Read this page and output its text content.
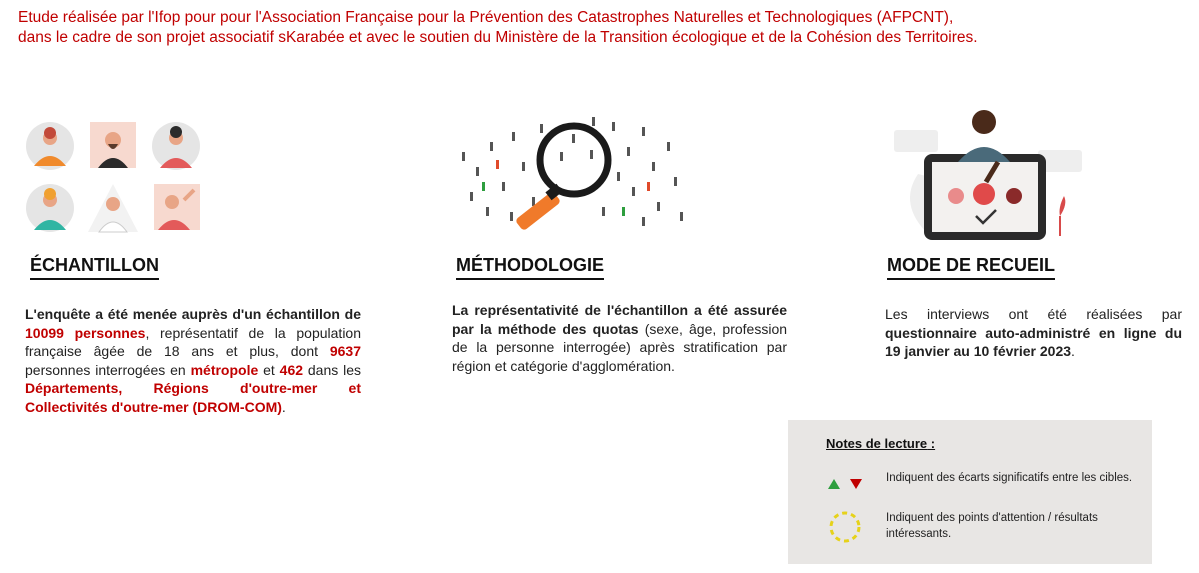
Etude réalisée par l'Ifop pour pour l'Association Française pour la Prévention des Catastrophes Naturelles et Technologiques (AFPCNT),
dans le cadre de son projet associatif sKarabée et avec le soutien du Ministère de la Transition écologique et de la Cohésion des Territoires.
ÉCHANTILLON
L'enquête a été menée auprès d'un échantillon de 10099 personnes, représentatif de la population française âgée de 18 ans et plus, dont 9637 personnes interrogées en métropole et 462 dans les Départements, Régions d'outre-mer et Collectivités d'outre-mer (DROM-COM).
MÉTHODOLOGIE
La représentativité de l'échantillon a été assurée par la méthode des quotas (sexe, âge, profession de la personne interrogée) après stratification par région et catégorie d'agglomération.
MODE DE RECUEIL
Les interviews ont été réalisées par questionnaire auto-administré en ligne du 19 janvier au 10 février 2023.
Notes de lecture :
Indiquent des écarts significatifs entre les cibles.
Indiquent des points d'attention / résultats intéressants.
